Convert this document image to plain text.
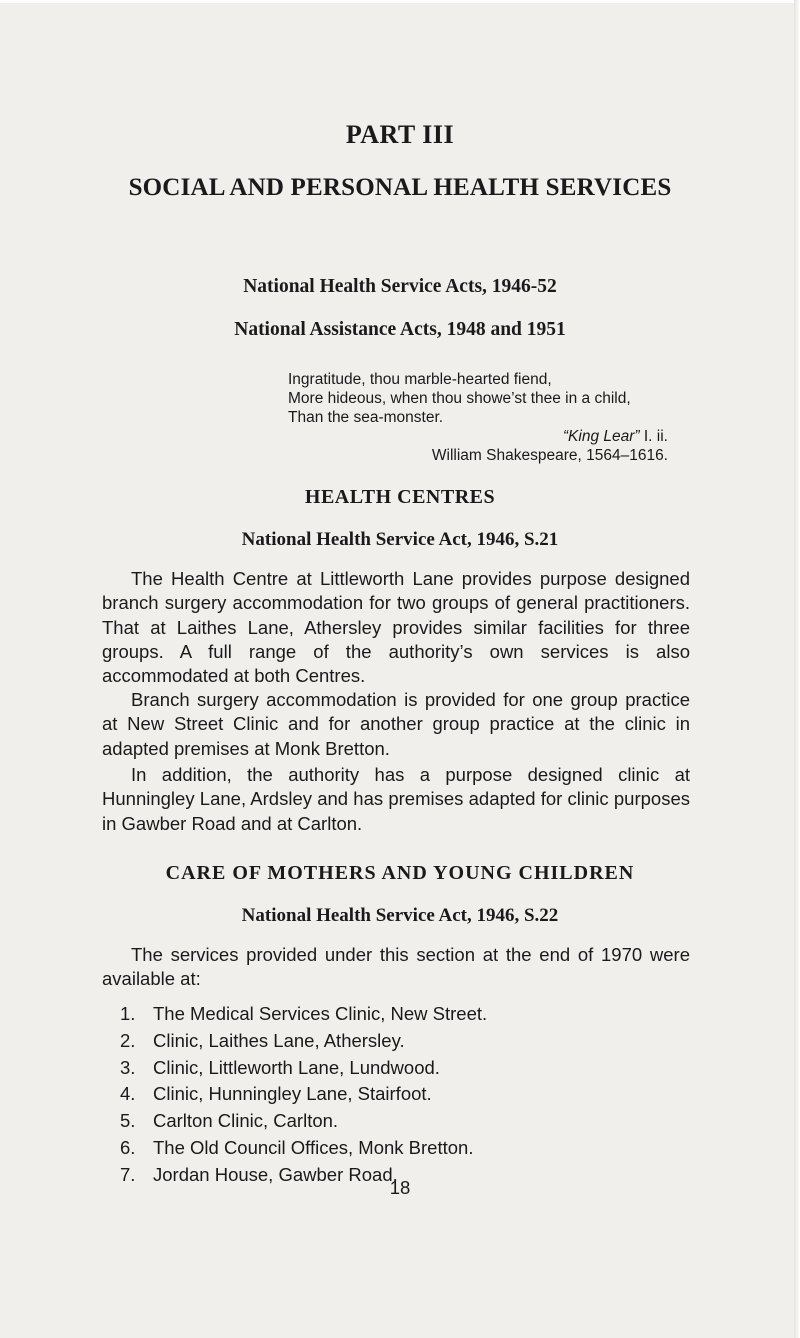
PART III
SOCIAL AND PERSONAL HEALTH SERVICES
National Health Service Acts, 1946-52
National Assistance Acts, 1948 and 1951
Ingratitude, thou marble-hearted fiend,
More hideous, when thou showe’st thee in a child,
Than the sea-monster.
“King Lear” I. ii.
William Shakespeare, 1564–1616.
HEALTH CENTRES
National Health Service Act, 1946, S.21

The Health Centre at Littleworth Lane provides purpose designed branch surgery accommodation for two groups of general practitioners. That at Laithes Lane, Athersley provides similar facilities for three groups. A full range of the authority’s own services is also accommodated at both Centres.

Branch surgery accommodation is provided for one group practice at New Street Clinic and for another group practice at the clinic in adapted premises at Monk Bretton.

In addition, the authority has a purpose designed clinic at Hunningley Lane, Ardsley and has premises adapted for clinic purposes in Gawber Road and at Carlton.

CARE OF MOTHERS AND YOUNG CHILDREN
National Health Service Act, 1946, S.22

The services provided under this section at the end of 1970 were available at:

1. The Medical Services Clinic, New Street.
2. Clinic, Laithes Lane, Athersley.
3. Clinic, Littleworth Lane, Lundwood.
4. Clinic, Hunningley Lane, Stairfoot.
5. Carlton Clinic, Carlton.
6. The Old Council Offices, Monk Bretton.
7. Jordan House, Gawber Road.
18
